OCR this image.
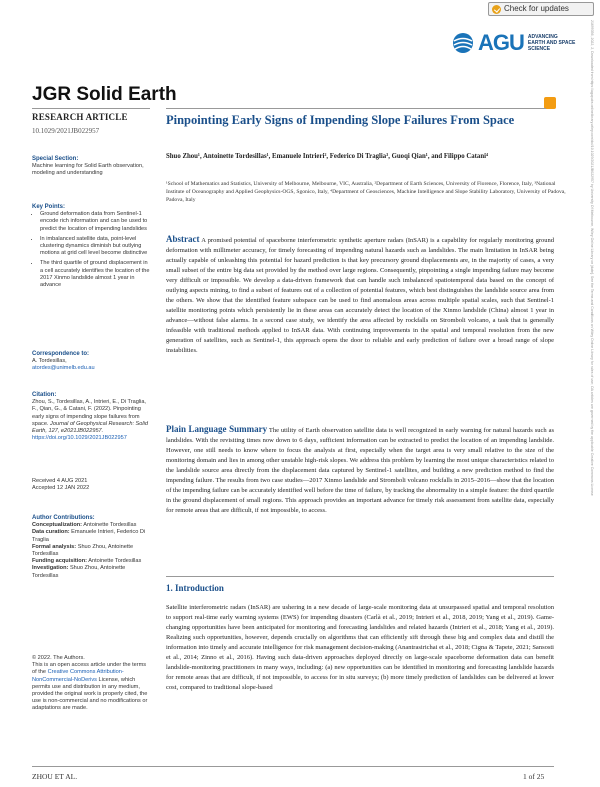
Check for updates
AGU ADVANCING EARTH AND SPACE SCIENCE
JGR Solid Earth
RESEARCH ARTICLE
10.1029/2021JB022957
Special Section:
Machine learning for Solid Earth observation, modeling and understanding
Key Points:
• Ground deformation data from Sentinel-1 encode rich information and can be used to predict the location of impending landslides
• In imbalanced satellite data, point-level clustering dynamics diminish but outlying motions at grid cell level become distinctive
• The third quartile of ground displacement in a cell accurately identifies the location of the 2017 Xinmo landslide almost 1 year in advance
Correspondence to:
A. Tordesillas,
atordes@unimelb.edu.au
Citation:
Zhou, S., Tordesillas, A., Intrieri, E., Di Traglia, F., Qian, G., & Catani, F. (2022). Pinpointing early signs of impending slope failures from space. Journal of Geophysical Research: Solid Earth, 127, e2021JB022957. https://doi.org/10.1029/2021JB022957
Received 4 AUG 2021
Accepted 12 JAN 2022
Author Contributions:
Conceptualization: Antoinette Tordesillas
Data curation: Emanuele Intrieri, Federico Di Traglia
Formal analysis: Shuo Zhou, Antoinette Tordesillas
Funding acquisition: Antoinette Tordesillas
Investigation: Shuo Zhou, Antoinette Tordesillas
© 2022. The Authors.
This is an open access article under the terms of the Creative Commons Attribution-NonCommercial-NoDerivs License, which permits use and distribution in any medium, provided the original work is properly cited, the use is non-commercial and no modifications or adaptations are made.
Pinpointing Early Signs of Impending Slope Failures From Space
Shuo Zhou¹, Antoinette Tordesillas¹, Emanuele Intrieri², Federico Di Traglia³, Guoqi Qian¹, and Filippo Catani⁴
¹School of Mathematics and Statistics, University of Melbourne, Melbourne, VIC, Australia, ²Department of Earth Sciences, University of Florence, Florence, Italy, ³National Institute of Oceanography and Applied Geophysics-OGS, Sgonico, Italy, ⁴Department of Geosciences, Machine Intelligence and Slope Stability Laboratory, University of Padova, Padova, Italy
Abstract A promised potential of spaceborne interferometric synthetic aperture radars (InSAR) is a capability for regularly monitoring ground deformation with millimeter accuracy, for timely forecasting of impending natural hazards such as landslides. The main limitation in InSAR being actually capable of unleashing this potential for hazard prediction is that key precursory ground displacements are, in the majority of cases, a very small subset of the entire big data set provided by the method over large regions. Consequently, pinpointing a single impending failure may become very difficult or impossible. We develop a data-driven framework that can handle such imbalanced spatiotemporal data based on the concept of outlying aspects mining, to find a subset of features out of a collection of potential features, which best distinguishes the landslide source area from the others. We show that the identified feature subspace can be used to find anomalous areas across multiple spatial scales, such that Sentinel-1 satellite monitoring points which persistently lie in these areas can accurately detect the location of the Xinmo landslide (China) almost 1 year in advance—without false alarms. In a second case study, we identify the area affected by rockfalls on Stromboli volcano, a task that is generally infeasible with traditional methods applied to InSAR data. With continuing improvements in the spatial and temporal resolution from the new generation of satellites, such as Sentinel-1, this approach opens the door to reliable and early prediction of failure over a broad range of slope instabilities.
Plain Language Summary The utility of Earth observation satellite data is well recognized in early warning for natural hazards such as landslides. With the revisiting times now down to 6 days, sufficient information can be extracted to predict the location of an impending landslide. However, one still needs to know where to focus the analysis at first, especially when the target area is very small relative to the size of the monitoring domain and lies in among other unstable high-risk slopes. We address this problem by learning the most unique characteristics related to the landslide source area directly from the displacement data captured by Sentinel-1 satellites, and building a new prediction method to find the impending failure. The results from two case studies—2017 Xinmo landslide and Stromboli volcano rockfalls in 2015–2016—show that the location of the impending failure can be accurately identified well before the time of failure, by tracking the abnormality in a simple feature: the third quartile in the ground displacement of small regions. This approach provides an important advance for timely risk assessment from satellite data, especially for remote areas that are difficult, if not impossible, to access.
1. Introduction
Satellite interferometric radars (InSAR) are ushering in a new decade of large-scale monitoring data at unsurpassed spatial and temporal resolution to support real-time early warning systems (EWS) for impending disasters (Carlà et al., 2019; Intrieri et al., 2018, 2019; Yang et al., 2019). Game-changing opportunities have been anticipated for monitoring and forecasting landslides and related hazards (Intrieri et al., 2018; Yang et al., 2019). Realizing such opportunities, however, depends crucially on algorithms that can efficiently sift through these big and complex data and distill the information into timely and accurate intelligence for risk management decision-making (Anantrasirichai et al., 2018; Cigna & Tapete, 2021; Sansosti et al., 2014; Zinno et al., 2016). Having such data-driven approaches deployed directly on large-scale spaceborne deformation data can benefit landslide-monitoring practitioners in many ways, including: (a) new opportunities can be identified in monitoring and forecasting landslide hazards for remote areas that are difficult, if not impossible, to access for in situ surveys; (b) more timely prediction of landslides can be delivered at lower cost, compared to traditional slope-based
ZHOU ET AL.	1 of 25
21699356, 2022, 2, Downloaded from https://agupubs.onlinelibrary.wiley.com/doi/10.1029/2021JB022957 by University Of Melbourne, Wiley Online Library on [date]. See the Terms and Conditions on Wiley Online Library for rules of use; OA articles are governed by the applicable Creative Commons License
